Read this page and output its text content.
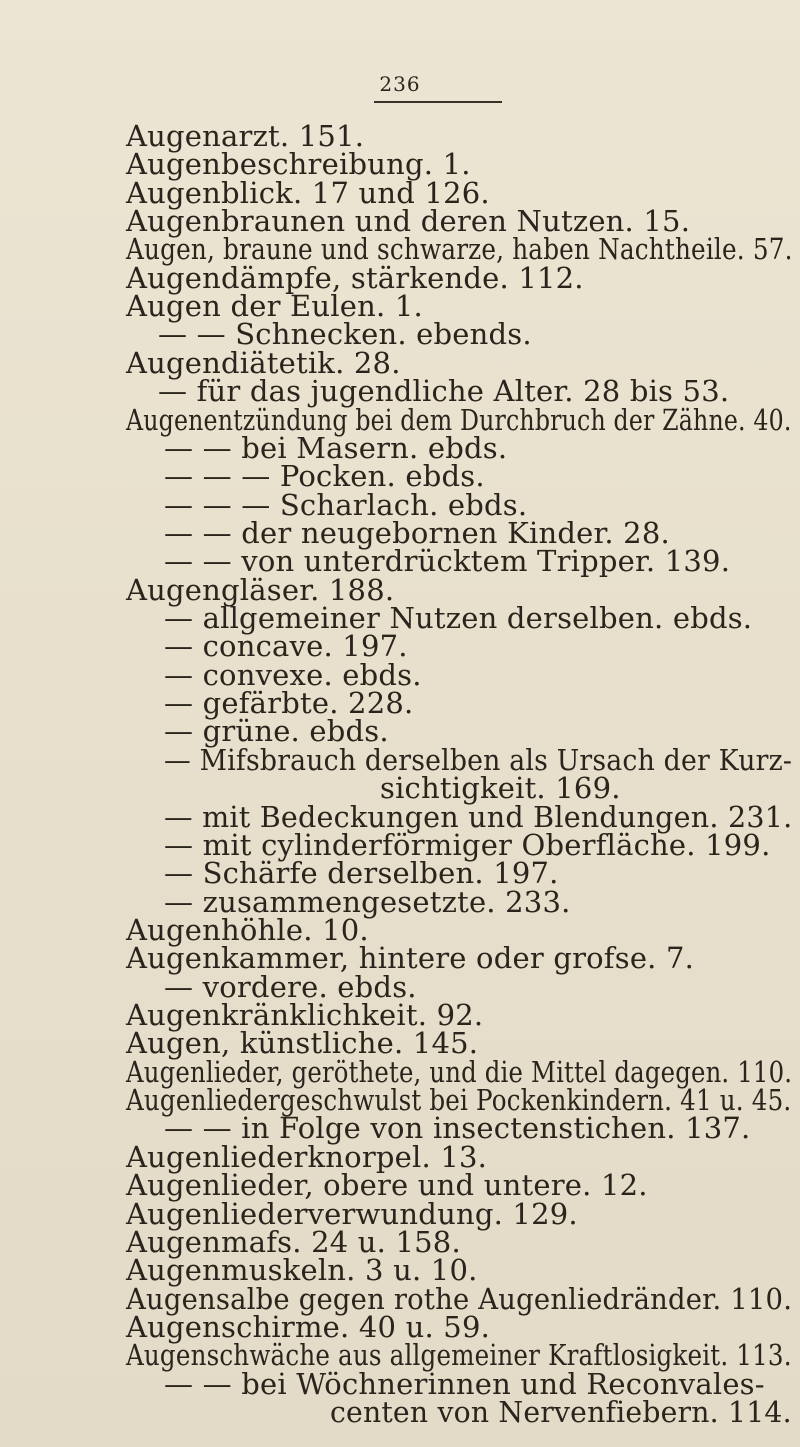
236
Augenarzt. 151.
Augenbeschreibung. 1.
Augenblick. 17 und 126.
Augenbraunen und deren Nutzen. 15.
Augen, braune und schwarze, haben Nachtheile. 57.
Augendämpfe, stärkende. 112.
Augen der Eulen. 1.
— — Schnecken. ebends.
Augendiätetik. 28.
— für das jugendliche Alter. 28 bis 53.
Augenentzündung bei dem Durchbruch der Zähne. 40.
— — bei Masern. ebds.
— — — Pocken. ebds.
— — — Scharlach. ebds.
— — der neugebornen Kinder. 28.
— — von unterdrücktem Tripper. 139.
Augengläser. 188.
— allgemeiner Nutzen derselben. ebds.
— concave. 197.
— convexe. ebds.
— gefärbte. 228.
— grüne. ebds.
— Mifsbrauch derselben als Ursach der Kurz-
sichtigkeit. 169.
— mit Bedeckungen und Blendungen. 231.
— mit cylinderförmiger Oberfläche. 199.
— Schärfe derselben. 197.
— zusammengesetzte. 233.
Augenhöhle. 10.
Augenkammer, hintere oder grofse. 7.
— vordere. ebds.
Augenkränklichkeit. 92.
Augen, künstliche. 145.
Augenlieder, geröthete, und die Mittel dagegen. 110.
Augenliedergeschwulst bei Pockenkindern. 41 u. 45.
— — in Folge von insectenstichen. 137.
Augenliederknorpel. 13.
Augenlieder, obere und untere. 12.
Augenliederverwundung. 129.
Augenmafs. 24 u. 158.
Augenmuskeln. 3 u. 10.
Augensalbe gegen rothe Augenliedränder. 110.
Augenschirme. 40 u. 59.
Augenschwäche aus allgemeiner Kraftlosigkeit. 113.
— — bei Wöchnerinnen und Reconvales-
centen von Nervenfiebern. 114.
